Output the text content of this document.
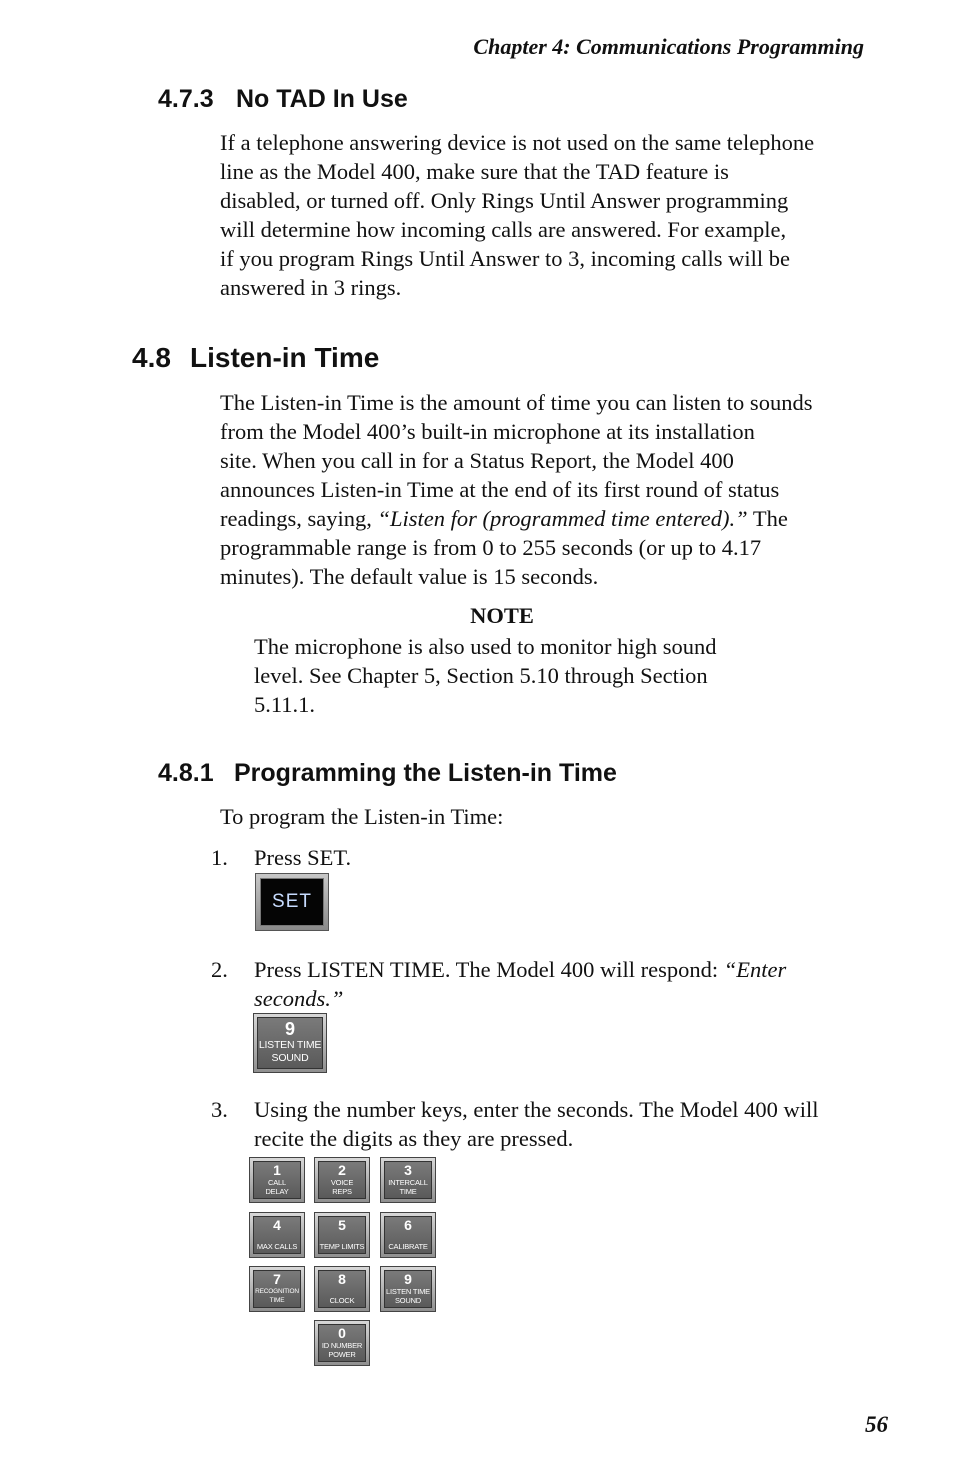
Chapter 4: Communications Programming
4.7.3 No TAD In Use
If a telephone answering device is not used on the same telephone
line as the Model 400, make sure that the TAD feature is
disabled, or turned off. Only Rings Until Answer programming
will determine how incoming calls are answered. For example,
if you program Rings Until Answer to 3, incoming calls will be
answered in 3 rings.
4.8 Listen-in Time
The Listen-in Time is the amount of time you can listen to sounds
from the Model 400’s built-in microphone at its installation
site. When you call in for a Status Report, the Model 400
announces Listen-in Time at the end of its first round of status
readings, saying, “Listen for (programmed time entered).” The
programmable range is from 0 to 255 seconds (or up to 4.17
minutes). The default value is 15 seconds.
NOTE
The microphone is also used to monitor high sound
level. See Chapter 5, Section 5.10 through Section
5.11.1.
4.8.1 Programming the Listen-in Time
To program the Listen-in Time:
1. Press SET.
SET
2. Press LISTEN TIME. The Model 400 will respond: “Enter
seconds.”
9
LISTEN TIME
SOUND
3. Using the number keys, enter the seconds. The Model 400 will
recite the digits as they are pressed.
1
CALL
DELAY
2
VOICE
REPS
3
INTERCALL
TIME
4
MAX CALLS
5
TEMP LIMITS
6
CALIBRATE
7
RECOGNITION
TIME
8
CLOCK
9
LISTEN TIME
SOUND
0
ID NUMBER
POWER
56
